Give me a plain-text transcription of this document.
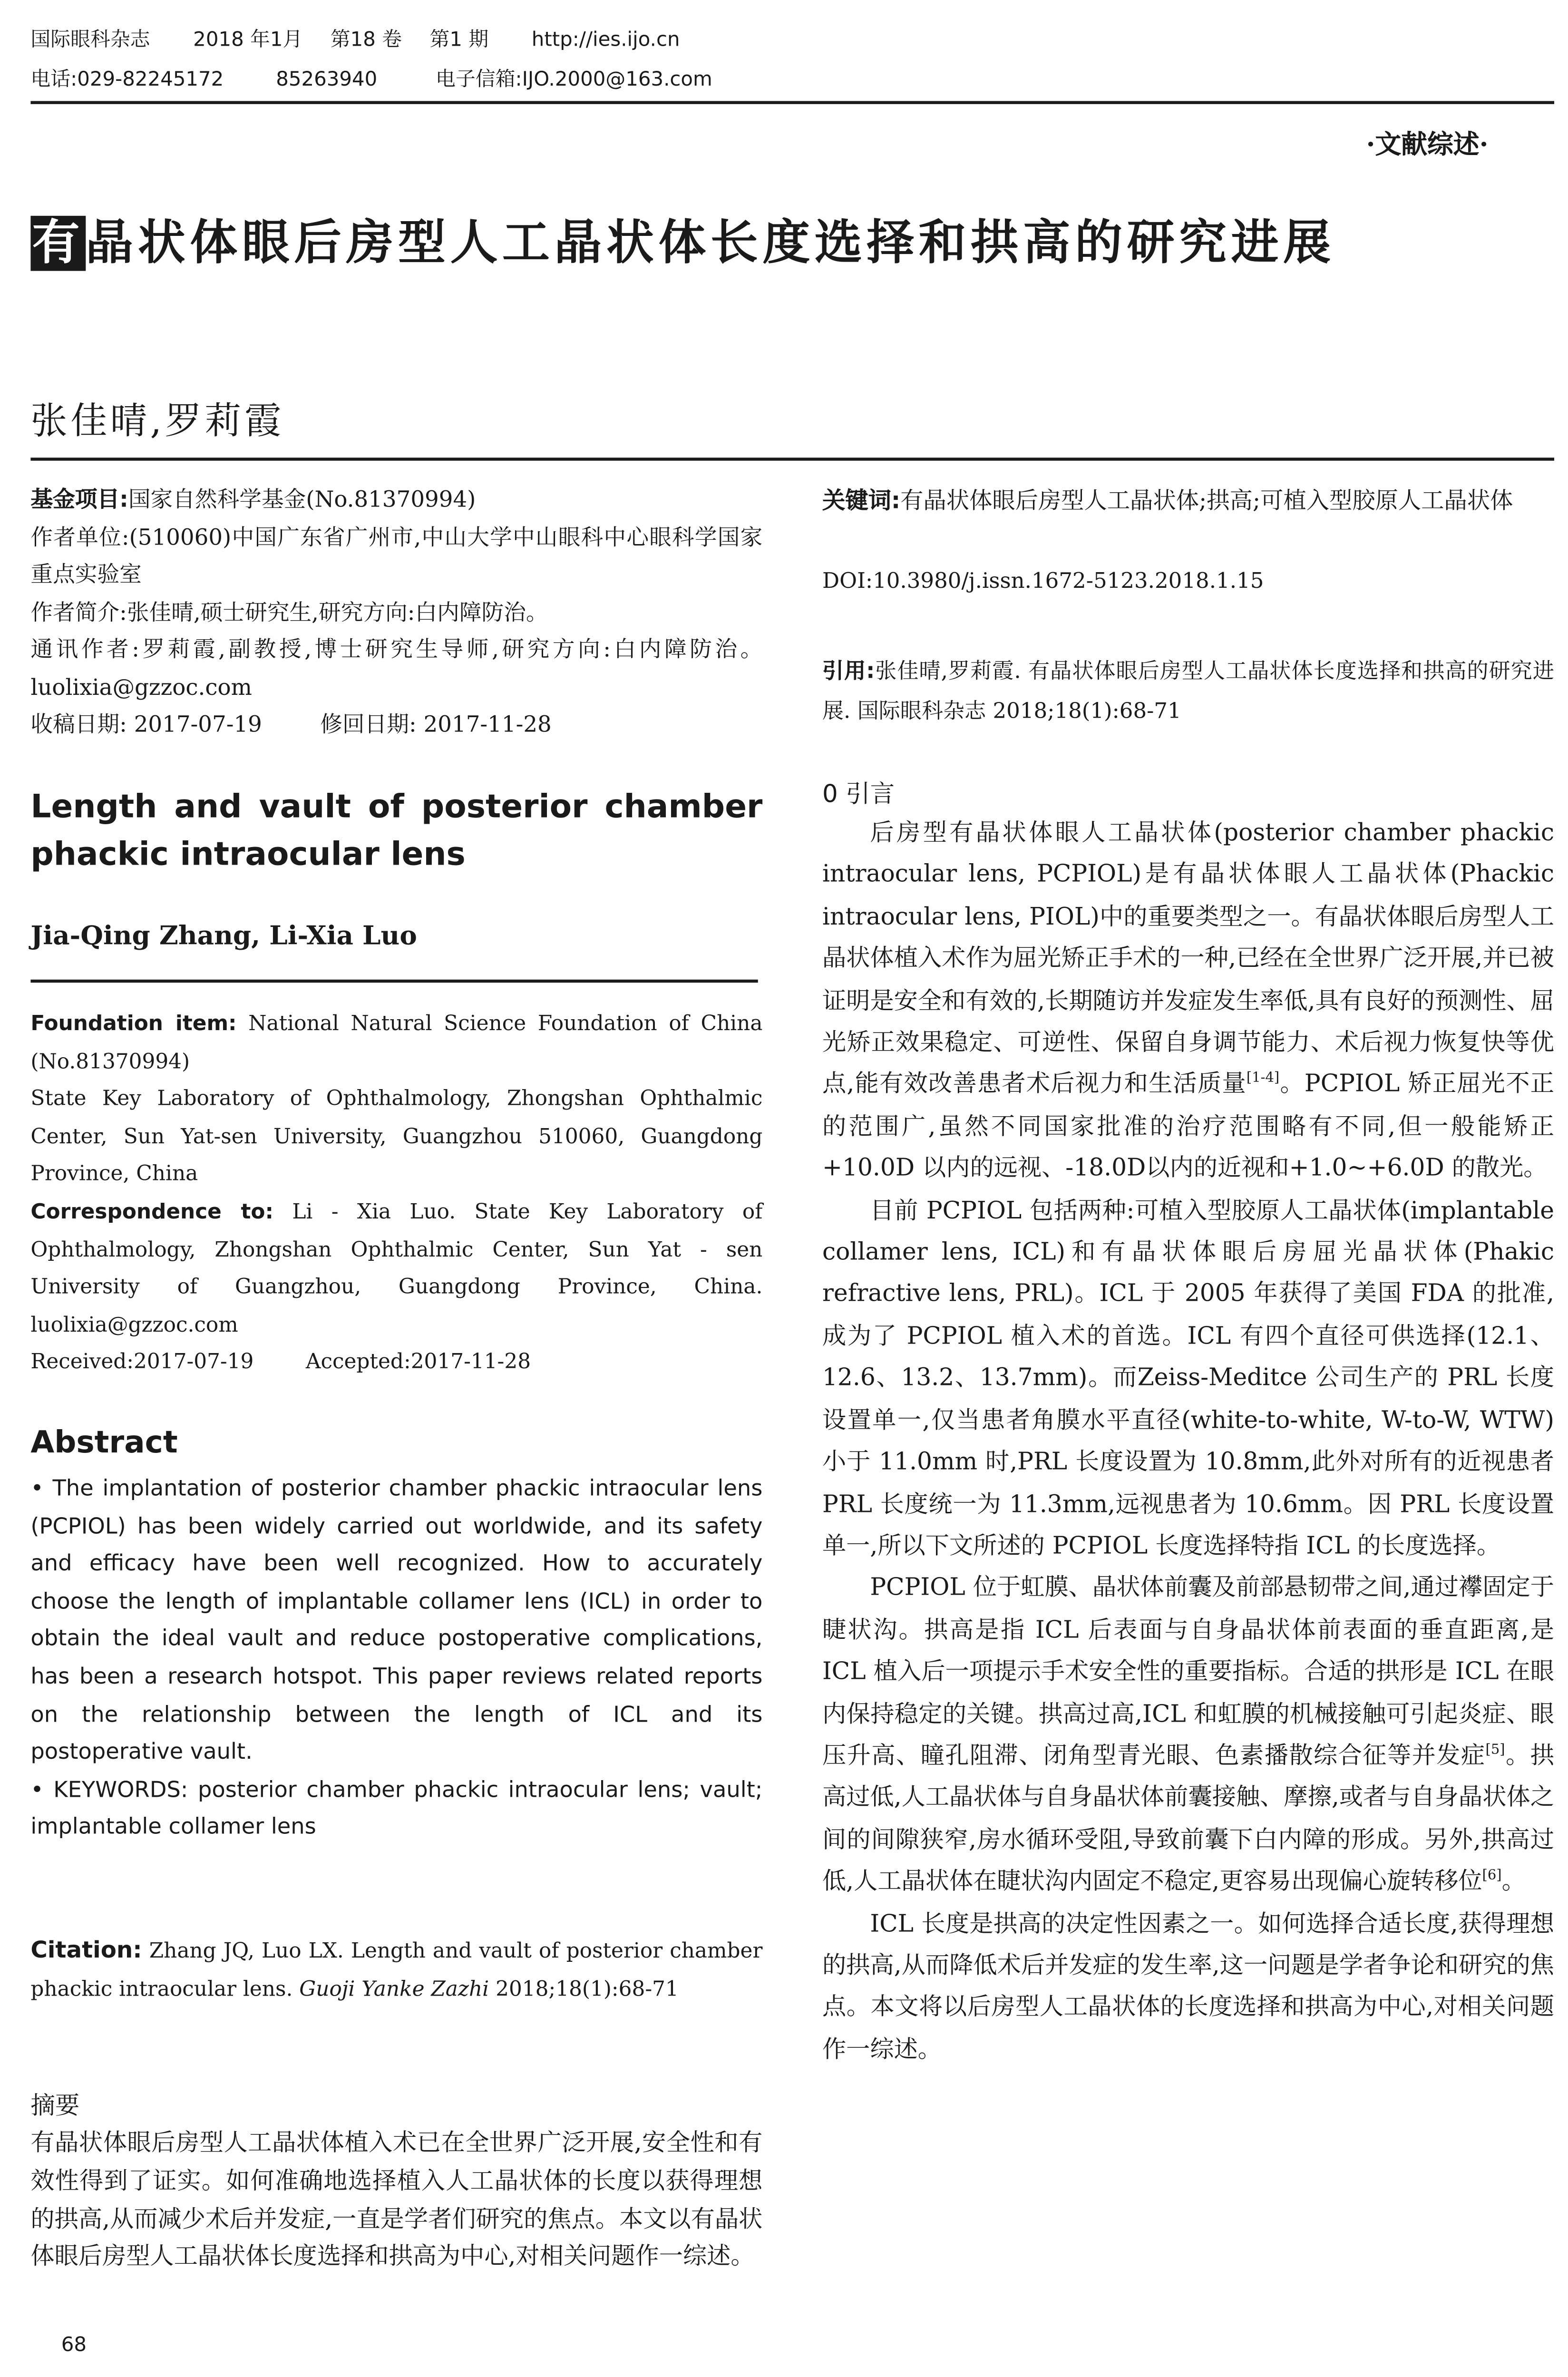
国际眼科杂志	2018 年1月	第18 卷	第1 期	http://ies.ijo.cn
电话:029-82245172	85263940	电子信箱:IJO.2000@163.com
·文献综述·
有 晶状体眼后房型人工晶状体长度选择和拱高的研究进展
张佳晴,罗莉霞

基金项目:国家自然科学基金(No.81370994)

作者单位:(510060)中国广东省广州市,中山大学中山眼科中心眼科学国家重点实验室

作者简介:张佳晴,硕士研究生,研究方向:白内障防治。

通讯作者:罗莉霞,副教授,博士研究生导师,研究方向:白内障防治。luolixia@gzzoc.com

收稿日期: 2017-07-19	修回日期: 2017-11-28

Length and vault of posterior chamber phackic intraocular lens
Jia-Qing Zhang, Li-Xia Luo

Foundation item: National Natural Science Foundation of China (No.81370994)

State Key Laboratory of Ophthalmology, Zhongshan Ophthalmic Center, Sun Yat-sen University, Guangzhou 510060, Guangdong Province, China

Correspondence to: Li - Xia Luo. State Key Laboratory of Ophthalmology, Zhongshan Ophthalmic Center, Sun Yat - sen University of Guangzhou, Guangdong Province, China. luolixia@gzzoc.com

Received:2017-07-19	Accepted:2017-11-28

Abstract

• The implantation of posterior chamber phackic intraocular lens (PCPIOL) has been widely carried out worldwide, and its safety and efficacy have been well recognized. How to accurately choose the length of implantable collamer lens (ICL) in order to obtain the ideal vault and reduce postoperative complications, has been a research hotspot. This paper reviews related reports on the relationship between the length of ICL and its postoperative vault.

• KEYWORDS: posterior chamber phackic intraocular lens; vault; implantable collamer lens

Citation: Zhang JQ, Luo LX. Length and vault of posterior chamber phackic intraocular lens. Guoji Yanke Zazhi 2018;18(1):68-71
摘要
有晶状体眼后房型人工晶状体植入术已在全世界广泛开展,安全性和有效性得到了证实。如何准确地选择植入人工晶状体的长度以获得理想的拱高,从而减少术后并发症,一直是学者们研究的焦点。本文以有晶状体眼后房型人工晶状体长度选择和拱高为中心,对相关问题作一综述。
关键词:有晶状体眼后房型人工晶状体;拱高;可植入型胶原人工晶状体
DOI:10.3980/j.issn.1672-5123.2018.1.15
引用:张佳晴,罗莉霞. 有晶状体眼后房型人工晶状体长度选择和拱高的研究进展. 国际眼科杂志 2018;18(1):68-71
0 引言

后房型有晶状体眼人工晶状体(posterior chamber phackic intraocular lens, PCPIOL)是有晶状体眼人工晶状体(Phackic intraocular lens, PIOL)中的重要类型之一。有晶状体眼后房型人工晶状体植入术作为屈光矫正手术的一种,已经在全世界广泛开展,并已被证明是安全和有效的,长期随访并发症发生率低,具有良好的预测性、屈光矫正效果稳定、可逆性、保留自身调节能力、术后视力恢复快等优点,能有效改善患者术后视力和生活质量[1-4]。PCPIOL 矫正屈光不正的范围广,虽然不同国家批准的治疗范围略有不同,但一般能矫正+10.0D 以内的远视、-18.0D以内的近视和+1.0~+6.0D 的散光。

目前 PCPIOL 包括两种:可植入型胶原人工晶状体(implantable collamer lens, ICL)和有晶状体眼后房屈光晶状体(Phakic refractive lens, PRL)。ICL 于 2005 年获得了美国 FDA 的批准,成为了 PCPIOL 植入术的首选。ICL 有四个直径可供选择(12.1、12.6、13.2、13.7mm)。而Zeiss-Meditce 公司生产的 PRL 长度设置单一,仅当患者角膜水平直径(white-to-white, W-to-W, WTW)小于 11.0mm 时,PRL 长度设置为 10.8mm,此外对所有的近视患者 PRL 长度统一为 11.3mm,远视患者为 10.6mm。因 PRL 长度设置单一,所以下文所述的 PCPIOL 长度选择特指 ICL 的长度选择。

PCPIOL 位于虹膜、晶状体前囊及前部悬韧带之间,通过襻固定于睫状沟。拱高是指 ICL 后表面与自身晶状体前表面的垂直距离,是 ICL 植入后一项提示手术安全性的重要指标。合适的拱形是 ICL 在眼内保持稳定的关键。拱高过高,ICL 和虹膜的机械接触可引起炎症、眼压升高、瞳孔阻滞、闭角型青光眼、色素播散综合征等并发症[5]。拱高过低,人工晶状体与自身晶状体前囊接触、摩擦,或者与自身晶状体之间的间隙狭窄,房水循环受阻,导致前囊下白内障的形成。另外,拱高过低,人工晶状体在睫状沟内固定不稳定,更容易出现偏心旋转移位[6]。

ICL 长度是拱高的决定性因素之一。如何选择合适长度,获得理想的拱高,从而降低术后并发症的发生率,这一问题是学者争论和研究的焦点。本文将以后房型人工晶状体的长度选择和拱高为中心,对相关问题作一综述。

68
